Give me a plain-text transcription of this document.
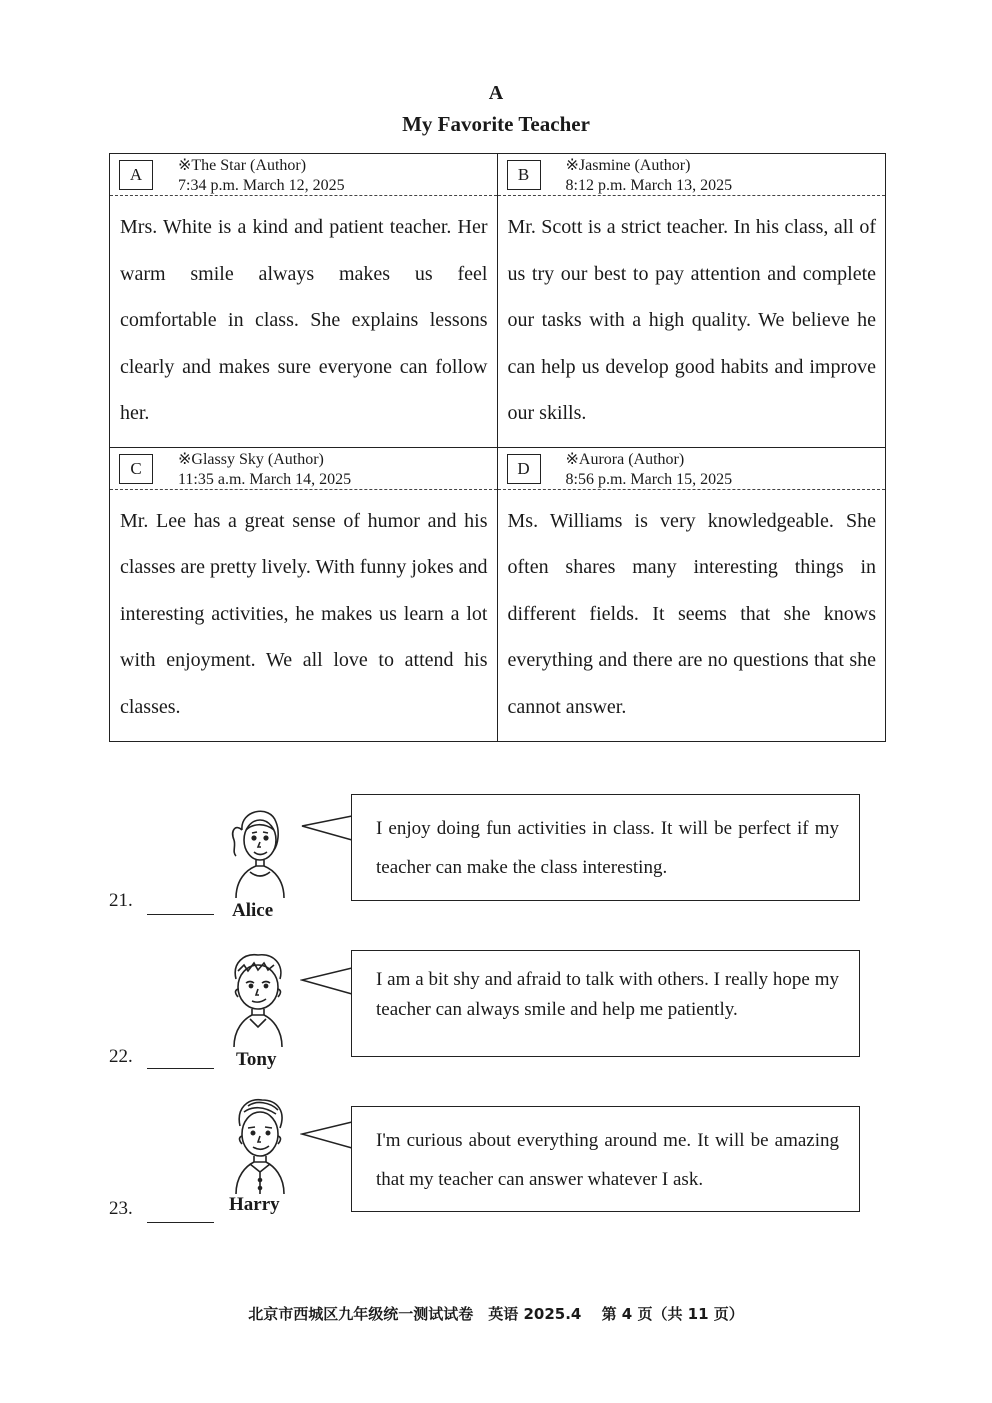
A
My Favorite Teacher
A	※The Star (Author)
7:34 p.m. March 12, 2025
Mrs. White is a kind and patient teacher. Her warm smile always makes us feel comfortable in class. She explains lessons clearly and makes sure everyone can follow her.
B	※Jasmine (Author)
8:12 p.m. March 13, 2025
Mr. Scott is a strict teacher. In his class, all of us try our best to pay attention and complete our tasks with a high quality. We believe he can help us develop good habits and improve our skills.
C	※Glassy Sky (Author)
11:35 a.m. March 14, 2025
Mr. Lee has a great sense of humor and his classes are pretty lively. With funny jokes and interesting activities, he makes us learn a lot with enjoyment. We all love to attend his classes.
D	※Aurora (Author)
8:56 p.m. March 15, 2025
Ms. Williams is very knowledgeable. She often shares many interesting things in different fields. It seems that she knows everything and there are no questions that she cannot answer.
I enjoy doing fun activities in class. It will be perfect if my teacher can make the class interesting.
21.	Alice
I am a bit shy and afraid to talk with others. I really hope my teacher can always smile and help me patiently.
22.	Tony
I'm curious about everything around me. It will be amazing that my teacher can answer whatever I ask.
23.	Harry
北京市西城区九年级统一测试试卷　英语 2025.4　 第 4 页（共 11 页）
